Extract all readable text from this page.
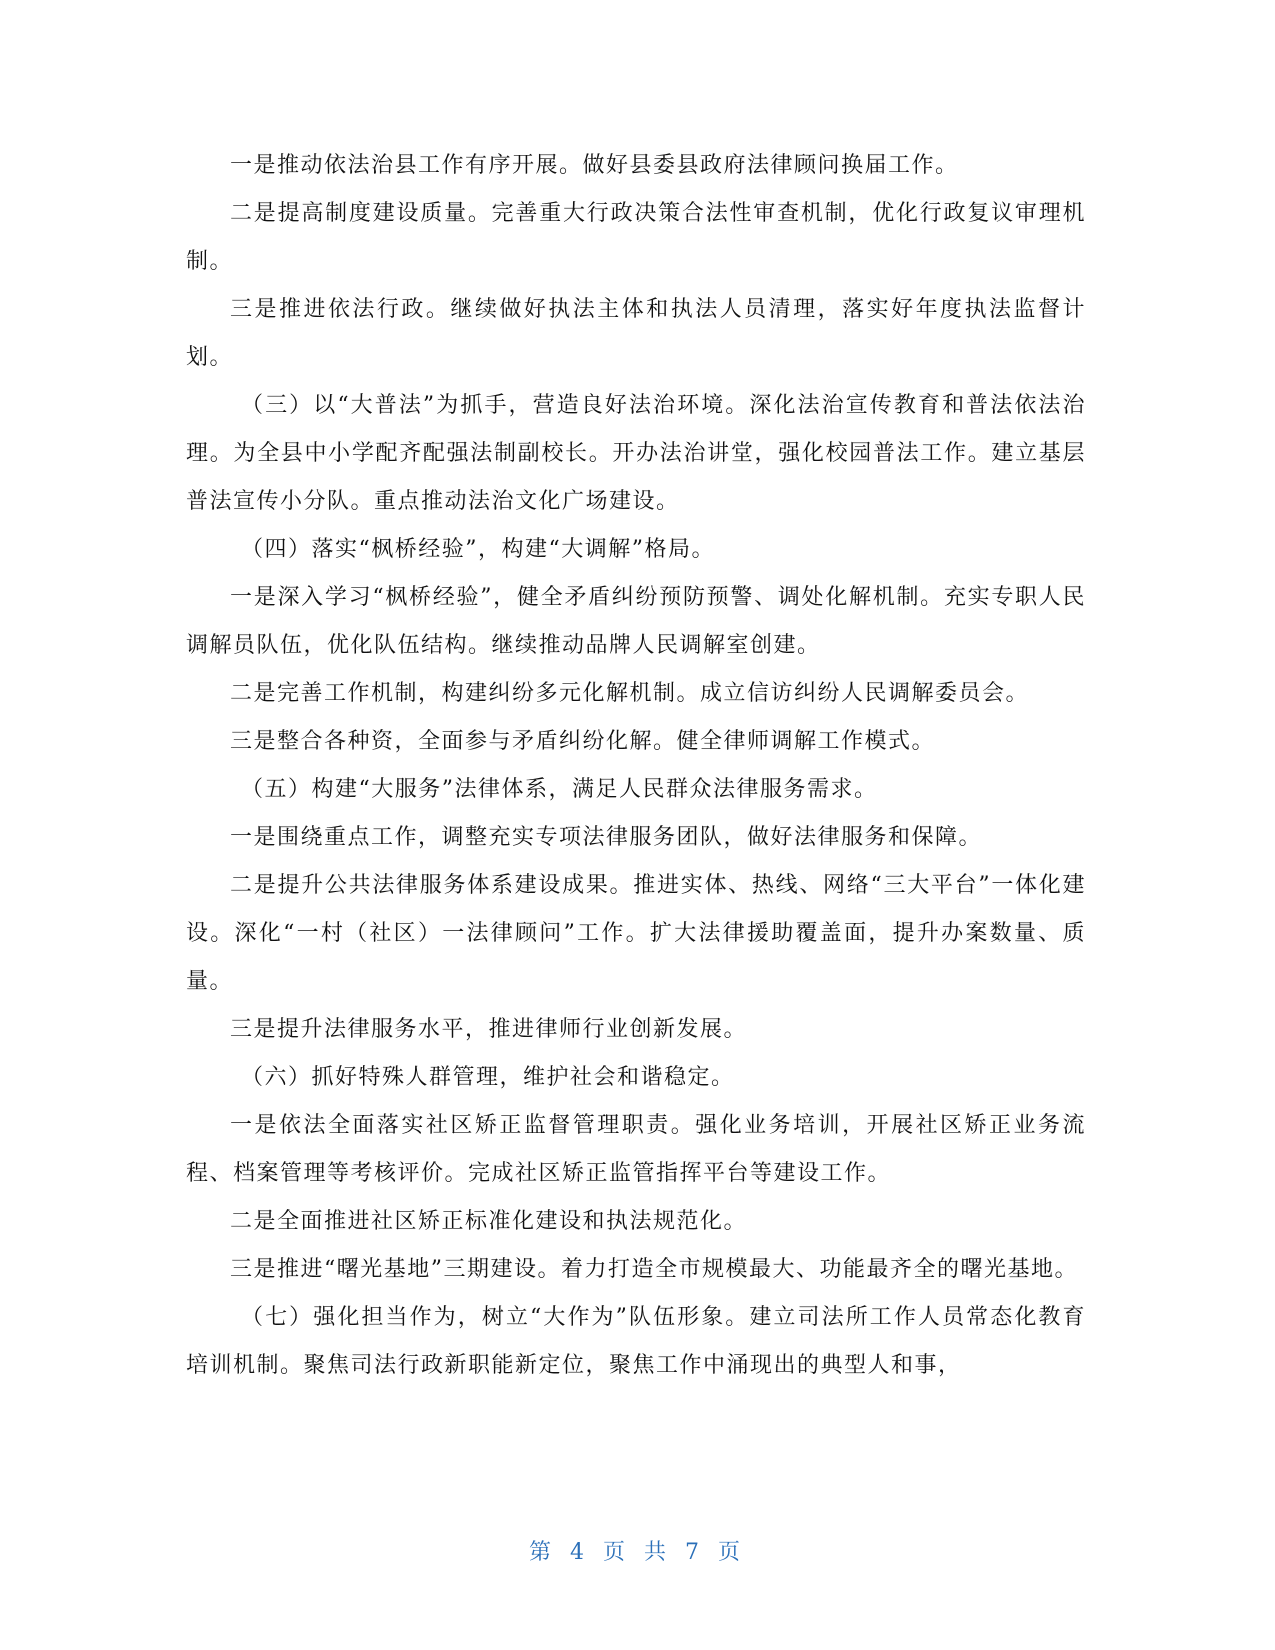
一是推动依法治县工作有序开展。做好县委县政府法律顾问换届工作。

二是提高制度建设质量。完善重大行政决策合法性审查机制，优化行政复议审理机制。

三是推进依法行政。继续做好执法主体和执法人员清理，落实好年度执法监督计划。

（三）以“大普法”为抓手，营造良好法治环境。深化法治宣传教育和普法依法治理。为全县中小学配齐配强法制副校长。开办法治讲堂，强化校园普法工作。建立基层普法宣传小分队。重点推动法治文化广场建设。

（四）落实“枫桥经验”，构建“大调解”格局。

一是深入学习“枫桥经验”，健全矛盾纠纷预防预警、调处化解机制。充实专职人民调解员队伍，优化队伍结构。继续推动品牌人民调解室创建。

二是完善工作机制，构建纠纷多元化解机制。成立信访纠纷人民调解委员会。

三是整合各种资，全面参与矛盾纠纷化解。健全律师调解工作模式。

（五）构建“大服务”法律体系，满足人民群众法律服务需求。

一是围绕重点工作，调整充实专项法律服务团队，做好法律服务和保障。

二是提升公共法律服务体系建设成果。推进实体、热线、网络“三大平台”一体化建设。深化“一村（社区）一法律顾问”工作。扩大法律援助覆盖面，提升办案数量、质量。

三是提升法律服务水平，推进律师行业创新发展。

（六）抓好特殊人群管理，维护社会和谐稳定。

一是依法全面落实社区矫正监督管理职责。强化业务培训，开展社区矫正业务流程、档案管理等考核评价。完成社区矫正监管指挥平台等建设工作。

二是全面推进社区矫正标准化建设和执法规范化。

三是推进“曙光基地”三期建设。着力打造全市规模最大、功能最齐全的曙光基地。

（七）强化担当作为，树立“大作为”队伍形象。建立司法所工作人员常态化教育培训机制。聚焦司法行政新职能新定位，聚焦工作中涌现出的典型人和事，

第 4 页 共 7 页
